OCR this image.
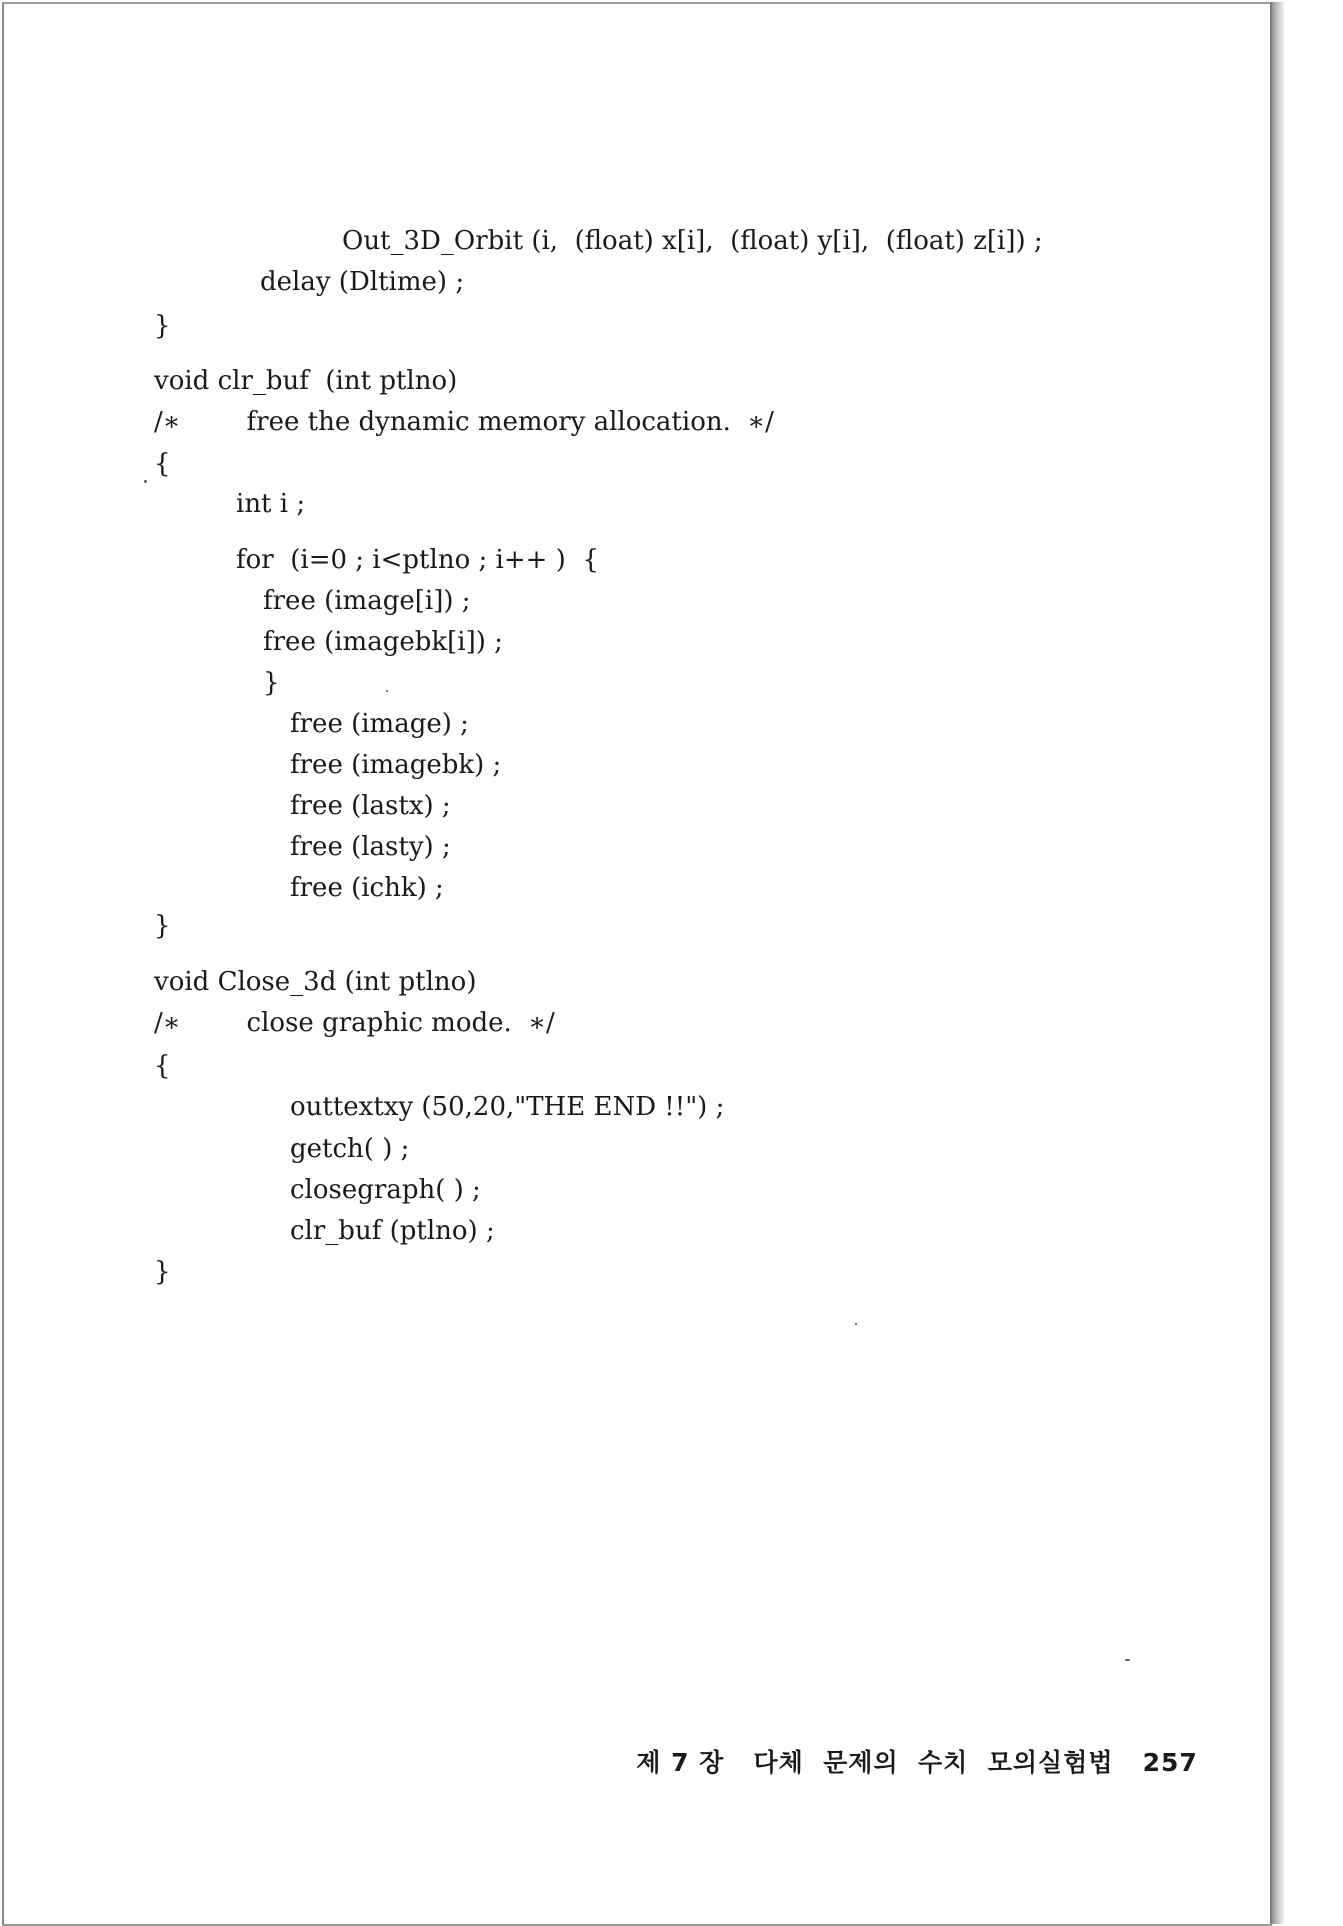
Out_3D_Orbit (i,  (float) x[i],  (float) y[i],  (float) z[i]) ;
delay (Dltime) ;
}
void clr_buf  (int ptlno)
/∗        free the dynamic memory allocation.  ∗/
{
int i ;
for  (i=0 ; i<ptlno ; i++ )  {
free (image[i]) ;
free (imagebk[i]) ;
}
free (image) ;
free (imagebk) ;
free (lastx) ;
free (lasty) ;
free (ichk) ;
}
void Close_3d (int ptlno)
/∗        close graphic mode.  ∗/
{
outtextxy (50,20,"THE END !!") ;
getch( ) ;
closegraph( ) ;
clr_buf (ptlno) ;
}

제 7 장   다체  문제의  수치  모의실험법 257
